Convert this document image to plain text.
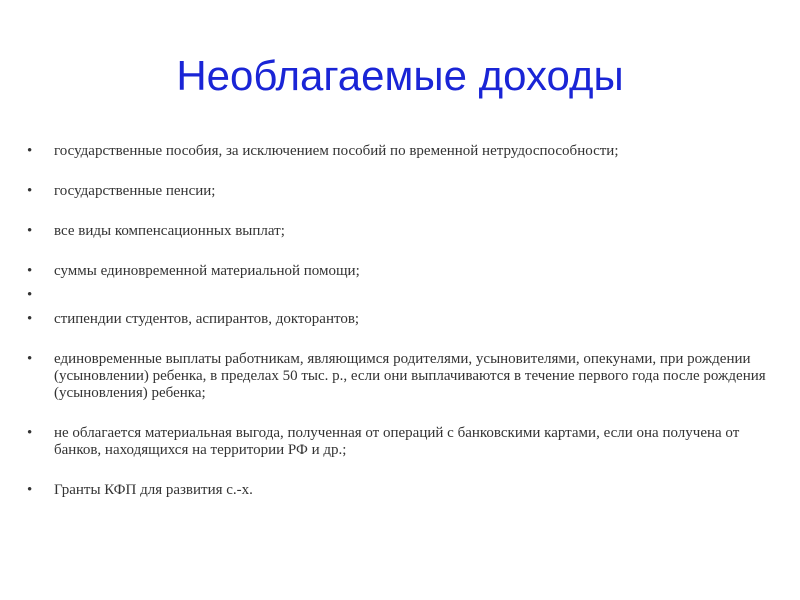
Необлагаемые доходы
•	государственные пособия, за исключением пособий по временной нетрудоспособности;
•	государственные пенсии;
•	все виды компенсационных выплат;
•	суммы единовременной материальной помощи;
•
•	стипендии студентов, аспирантов, докторантов;
•	единовременные выплаты работникам, являющимся родителями, усыновителями, опекунами, при рождении (усыновлении) ребенка, в пределах 50 тыс. р., если они выплачиваются в течение первого года после рождения (усыновления) ребенка;
•	не облагается материальная выгода, полученная от операций с банковскими картами, если она получена от банков, находящихся на территории РФ и др.;
•	Гранты КФП для развития с.-х.
